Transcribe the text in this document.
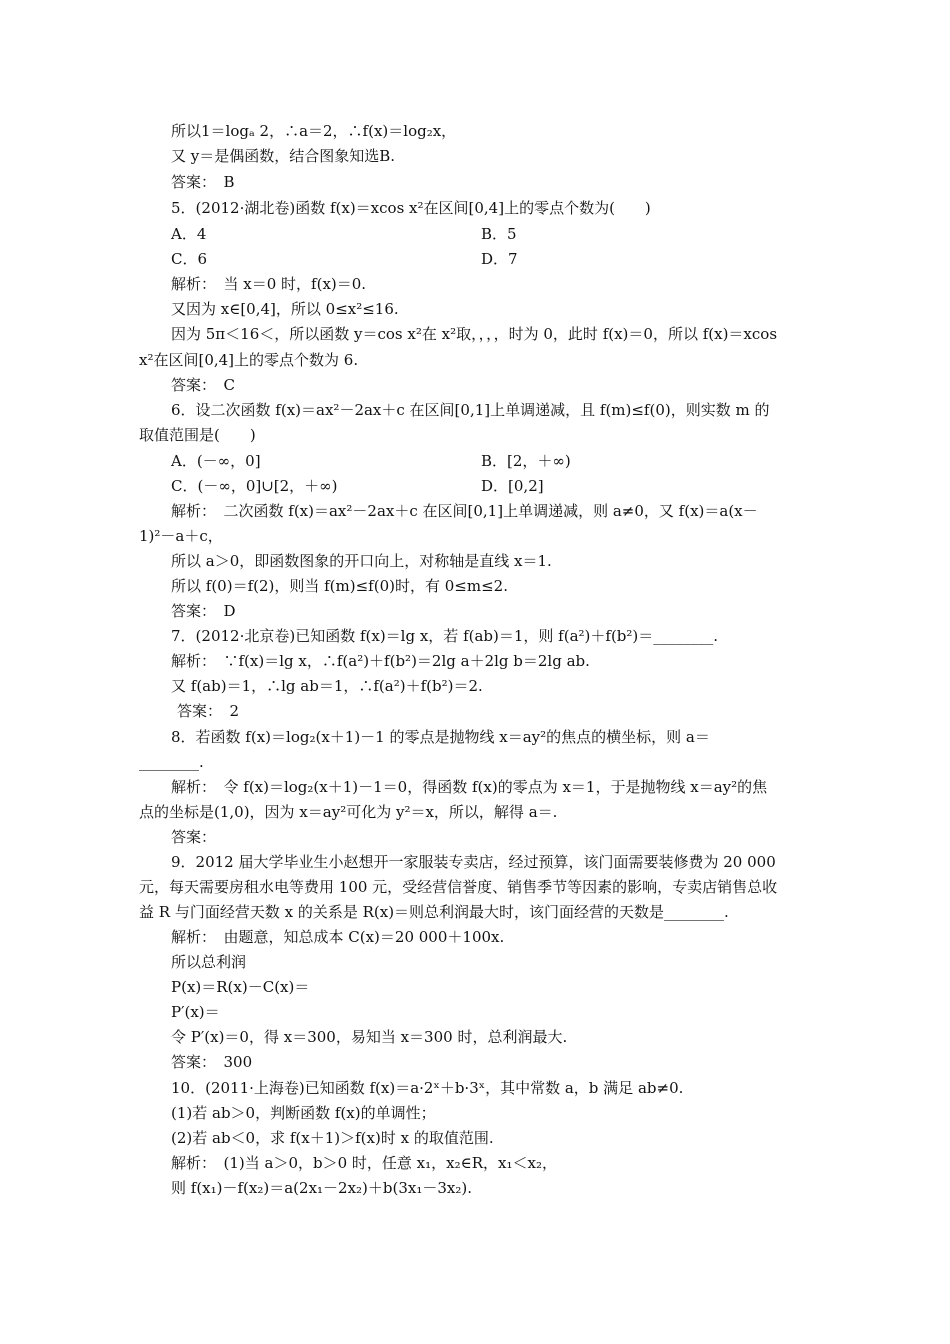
所以1＝logₐ 2，∴a＝2，∴f(x)＝log₂x，
又 y＝是偶函数，结合图象知选B.
答案：　B
5．(2012·湖北卷)函数 f(x)＝xcos x²在区间[0,4]上的零点个数为(　　)
A．4	B．5
C．6	D．7
解析：　当 x＝0 时，f(x)＝0.
又因为 x∈[0,4]，所以 0≤x²≤16.
因为 5π＜16＜，所以函数 y＝cos x²在 x²取，，，，时为 0，此时 f(x)＝0，所以 f(x)＝xcos
x²在区间[0,4]上的零点个数为 6.
答案：　C
6．设二次函数 f(x)＝ax²－2ax＋c 在区间[0,1]上单调递减，且 f(m)≤f(0)，则实数 m 的
取值范围是(　　)
A．(－∞，0]	B．[2，＋∞)
C．(－∞，0]∪[2，＋∞)	D．[0,2]
解析：　二次函数 f(x)＝ax²－2ax＋c 在区间[0,1]上单调递减，则 a≠0，又 f(x)＝a(x－
1)²－a＋c，
所以 a＞0，即函数图象的开口向上，对称轴是直线 x＝1.
所以 f(0)＝f(2)，则当 f(m)≤f(0)时，有 0≤m≤2.
答案：　D
7．(2012·北京卷)已知函数 f(x)＝lg x，若 f(ab)＝1，则 f(a²)＋f(b²)＝________.
解析：　∵f(x)＝lg x，∴f(a²)＋f(b²)＝2lg a＋2lg b＝2lg ab.
又 f(ab)＝1，∴lg ab＝1，∴f(a²)＋f(b²)＝2.
答案：　2
8．若函数 f(x)＝log₂(x＋1)－1 的零点是抛物线 x＝ay²的焦点的横坐标，则 a＝
________.
解析：　令 f(x)＝log₂(x＋1)－1＝0，得函数 f(x)的零点为 x＝1，于是抛物线 x＝ay²的焦
点的坐标是(1,0)，因为 x＝ay²可化为 y²＝x，所以，解得 a＝.
答案：
9．2012 届大学毕业生小赵想开一家服装专卖店，经过预算，该门面需要装修费为 20 000
元，每天需要房租水电等费用 100 元，受经营信誉度、销售季节等因素的影响，专卖店销售总收
益 R 与门面经营天数 x 的关系是 R(x)＝则总利润最大时，该门面经营的天数是________.
解析：　由题意，知总成本 C(x)＝20 000＋100x.
所以总利润
P(x)＝R(x)－C(x)＝
P′(x)＝
令 P′(x)＝0，得 x＝300，易知当 x＝300 时，总利润最大.
答案：　300
10．(2011·上海卷)已知函数 f(x)＝a·2ˣ＋b·3ˣ，其中常数 a，b 满足 ab≠0.
(1)若 ab＞0，判断函数 f(x)的单调性；
(2)若 ab＜0，求 f(x＋1)＞f(x)时 x 的取值范围.
解析：　(1)当 a＞0，b＞0 时，任意 x₁，x₂∈R，x₁＜x₂，
则 f(x₁)－f(x₂)＝a(2x₁－2x₂)＋b(3x₁－3x₂).
